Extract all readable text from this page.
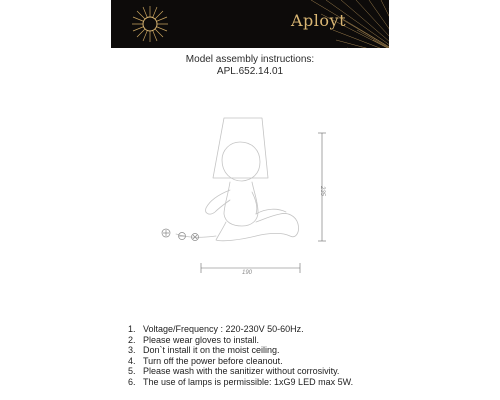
Aployt
Model assembly instructions:
APL.652.14.01
190
235
1. Voltage/Frequency : 220-230V 50-60Hz.
2. Please wear gloves to install.
3. Don`t install it on the moist ceiling.
4. Turn off the power before cleanout.
5. Please wash with the sanitizer without corrosivity.
6. The use of lamps is permissible: 1xG9 LED max 5W.
